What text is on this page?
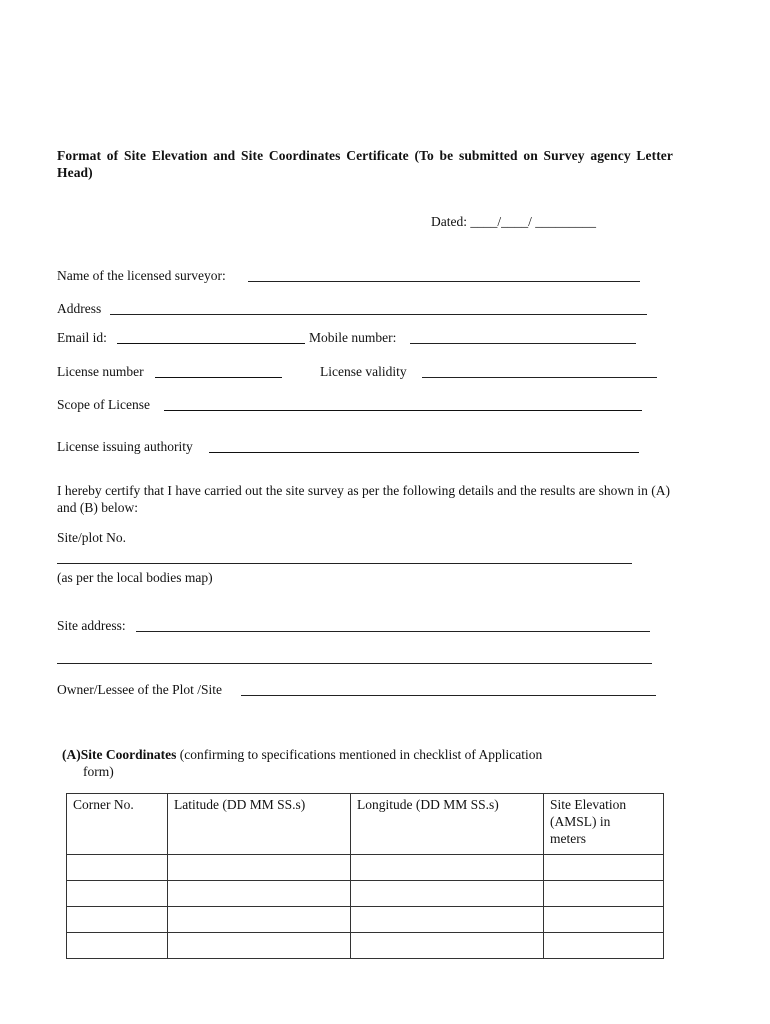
Format of Site Elevation and Site Coordinates Certificate (To be submitted on Survey agency Letter Head)
Dated: ____/____/ _________
Name of the licensed surveyor:
Address
Email id:	Mobile number:
License number	License validity
Scope of License
License issuing authority
I hereby certify that I have carried out the site survey as per the following details and the results are shown in (A) and (B) below:
Site/plot No.
(as per the local bodies map)
Site address:
Owner/Lessee of the Plot /Site
(A)Site Coordinates (confirming to specifications mentioned in checklist of Application
form)
Corner No.	Latitude (DD MM SS.s)	Longitude (DD MM SS.s)	Site Elevation
(AMSL) in
meters
